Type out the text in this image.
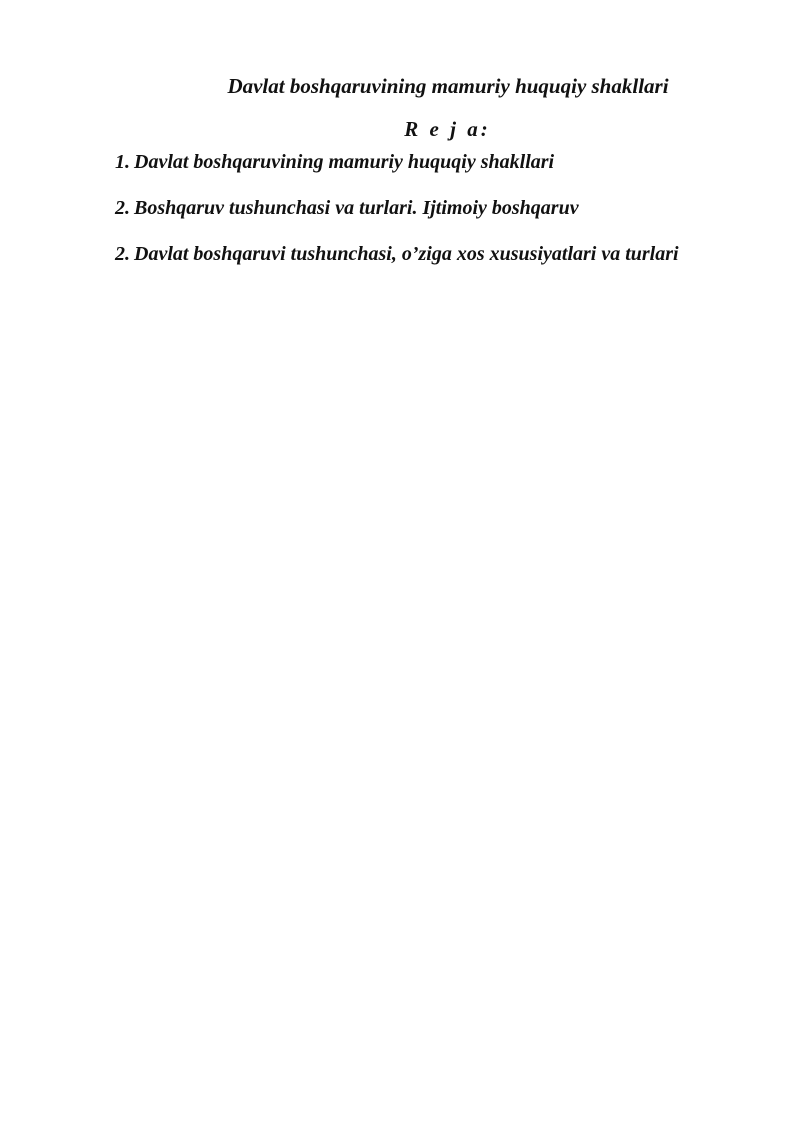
Davlat boshqaruvining mamuriy huquqiy shakllari
R e j a:
1. Davlat boshqaruvining mamuriy huquqiy shakllari
2. Boshqaruv tushunchasi va turlari. Ijtimoiy boshqaruv
2. Davlat boshqaruvi tushunchasi, o’ziga xos xususiyatlari va turlari
